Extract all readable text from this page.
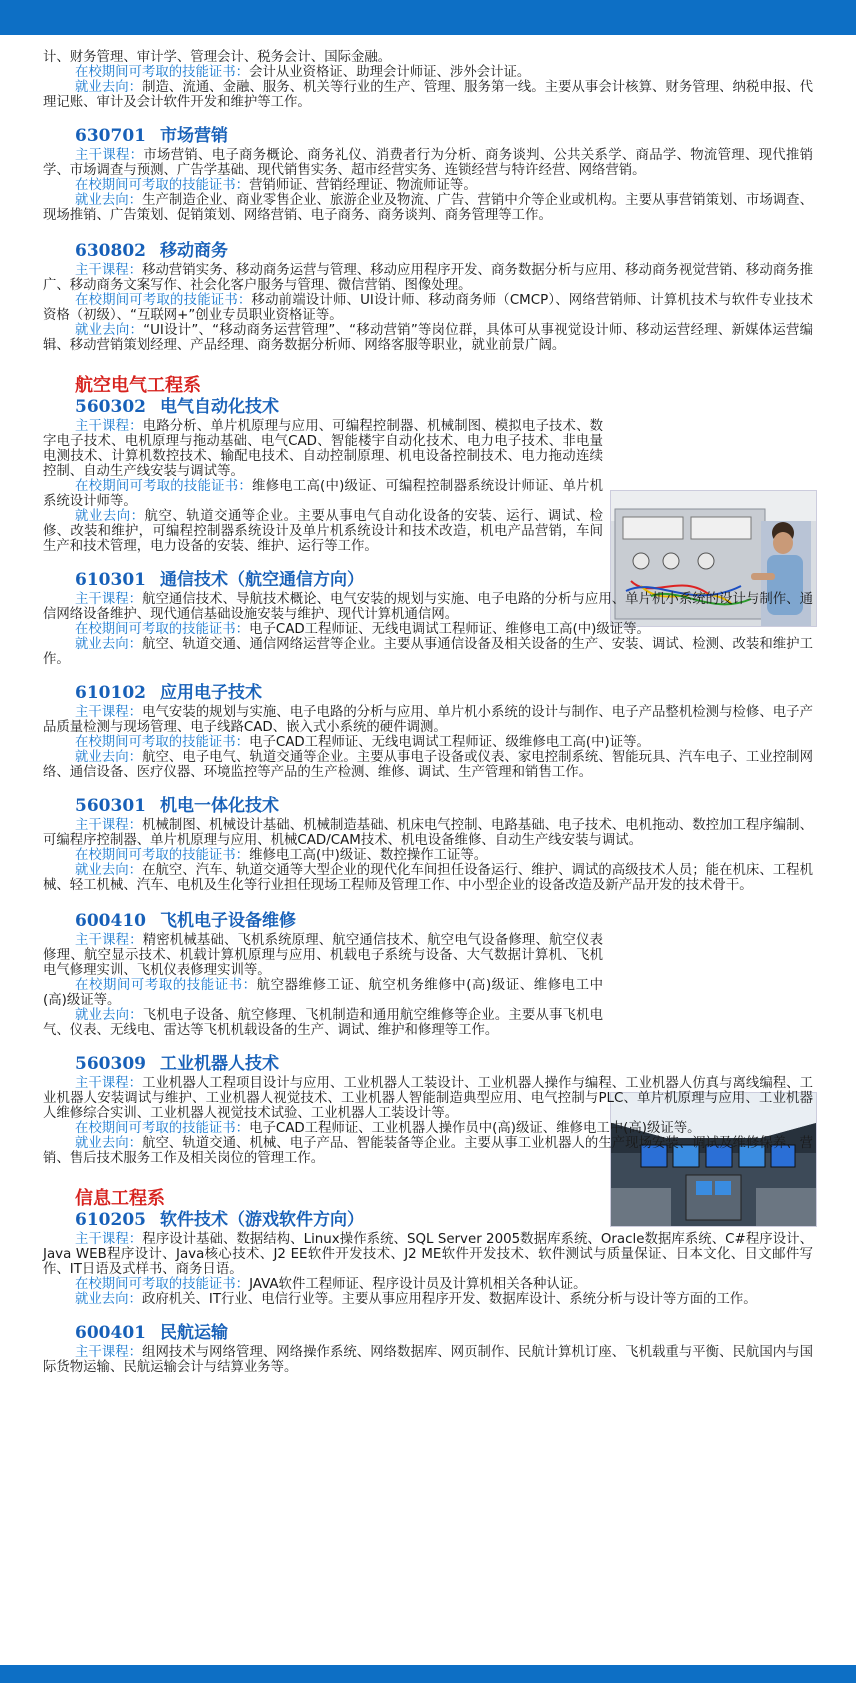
计、财务管理、审计学、管理会计、税务会计、国际金融。

在校期间可考取的技能证书：会计从业资格证、助理会计师证、涉外会计证。

就业去向：制造、流通、金融、服务、机关等行业的生产、管理、服务第一线。主要从事会计核算、财务管理、纳税申报、代理记账、审计及会计软件开发和维护等工作。

630701 市场营销

主干课程：市场营销、电子商务概论、商务礼仪、消费者行为分析、商务谈判、公共关系学、商品学、物流管理、现代推销学、市场调查与预测、广告学基础、现代销售实务、超市经营实务、连锁经营与特许经营、网络营销。

在校期间可考取的技能证书：营销师证、营销经理证、物流师证等。

就业去向：生产制造企业、商业零售企业、旅游企业及物流、广告、营销中介等企业或机构。主要从事营销策划、市场调查、现场推销、广告策划、促销策划、网络营销、电子商务、商务谈判、商务管理等工作。

630802 移动商务

主干课程：移动营销实务、移动商务运营与管理、移动应用程序开发、商务数据分析与应用、移动商务视觉营销、移动商务推广、移动商务文案写作、社会化客户服务与管理、微信营销、图像处理。

在校期间可考取的技能证书：移动前端设计师、UI设计师、移动商务师（CMCP）、网络营销师、计算机技术与软件专业技术资格（初级）、“互联网+”创业专员职业资格证等。

就业去向：“UI设计”、“移动商务运营管理”、“移动营销”等岗位群，具体可从事视觉设计师、移动运营经理、新媒体运营编辑、移动营销策划经理、产品经理、商务数据分析师、网络客服等职业，就业前景广阔。

航空电气工程系
560302 电气自动化技术

主干课程：电路分析、单片机原理与应用、可编程控制器、机械制图、模拟电子技术、数字电子技术、电机原理与拖动基础、电气CAD、智能楼宇自动化技术、电力电子技术、非电量电测技术、计算机数控技术、输配电技术、自动控制原理、机电设备控制技术、电力拖动连续控制、自动生产线安装与调试等。

在校期间可考取的技能证书：维修电工高(中)级证、可编程控制器系统设计师证、单片机系统设计师等。

就业去向：航空、轨道交通等企业。主要从事电气自动化设备的安装、运行、调试、检修、改装和维护，可编程控制器系统设计及单片机系统设计和技术改造，机电产品营销，车间生产和技术管理，电力设备的安装、维护、运行等工作。

610301 通信技术（航空通信方向）

主干课程：航空通信技术、导航技术概论、电气安装的规划与实施、电子电路的分析与应用、单片机小系统的设计与制作、通信网络设备维护、现代通信基础设施安装与维护、现代计算机通信网。

在校期间可考取的技能证书：电子CAD工程师证、无线电调试工程师证、维修电工高(中)级证等。

就业去向：航空、轨道交通、通信网络运营等企业。主要从事通信设备及相关设备的生产、安装、调试、检测、改装和维护工作。

610102 应用电子技术

主干课程：电气安装的规划与实施、电子电路的分析与应用、单片机小系统的设计与制作、电子产品整机检测与检修、电子产品质量检测与现场管理、电子线路CAD、嵌入式小系统的硬件调测。

在校期间可考取的技能证书：电子CAD工程师证、无线电调试工程师证、级维修电工高(中)证等。

就业去向：航空、电子电气、轨道交通等企业。主要从事电子设备或仪表、家电控制系统、智能玩具、汽车电子、工业控制网络、通信设备、医疗仪器、环境监控等产品的生产检测、维修、调试、生产管理和销售工作。

560301 机电一体化技术

主干课程：机械制图、机械设计基础、机械制造基础、机床电气控制、电路基础、电子技术、电机拖动、数控加工程序编制、可编程序控制器、单片机原理与应用、机械CAD/CAM技术、机电设备维修、自动生产线安装与调试。

在校期间可考取的技能证书：维修电工高(中)级证、数控操作工证等。

就业去向：在航空、汽车、轨道交通等大型企业的现代化车间担任设备运行、维护、调试的高级技术人员；能在机床、工程机械、轻工机械、汽车、电机及生化等行业担任现场工程师及管理工作、中小型企业的设备改造及新产品开发的技术骨干。

600410 飞机电子设备维修

主干课程：精密机械基础、飞机系统原理、航空通信技术、航空电气设备修理、航空仪表修理、航空显示技术、机载计算机原理与应用、机载电子系统与设备、大气数据计算机、飞机电气修理实训、飞机仪表修理实训等。

在校期间可考取的技能证书：航空器维修工证、航空机务维修中(高)级证、维修电工中(高)级证等。

就业去向：飞机电子设备、航空修理、飞机制造和通用航空维修等企业。主要从事飞机电气、仪表、无线电、雷达等飞机机载设备的生产、调试、维护和修理等工作。

560309 工业机器人技术

主干课程：工业机器人工程项目设计与应用、工业机器人工装设计、工业机器人操作与编程、工业机器人仿真与离线编程、工业机器人安装调试与维护、工业机器人视觉技术、工业机器人智能制造典型应用、电气控制与PLC、单片机原理与应用、工业机器人维修综合实训、工业机器人视觉技术试验、工业机器人工装设计等。

在校期间可考取的技能证书：电子CAD工程师证、工业机器人操作员中(高)级证、维修电工中(高)级证等。

就业去向：航空、轨道交通、机械、电子产品、智能装备等企业。主要从事工业机器人的生产现场安装、调试及维修保养、营销、售后技术服务工作及相关岗位的管理工作。

信息工程系
610205 软件技术（游戏软件方向）

主干课程：程序设计基础、数据结构、Linux操作系统、SQL Server 2005数据库系统、Oracle数据库系统、C#程序设计、Java WEB程序设计、Java核心技术、J2 EE软件开发技术、J2 ME软件开发技术、软件测试与质量保证、日本文化、日文邮件写作、IT日语及式样书、商务日语。

在校期间可考取的技能证书：JAVA软件工程师证、程序设计员及计算机相关各种认证。

就业去向：政府机关、IT行业、电信行业等。主要从事应用程序开发、数据库设计、系统分析与设计等方面的工作。

600401 民航运输

主干课程：组网技术与网络管理、网络操作系统、网络数据库、网页制作、民航计算机订座、飞机载重与平衡、民航国内与国际货物运输、民航运输会计与结算业务等。
